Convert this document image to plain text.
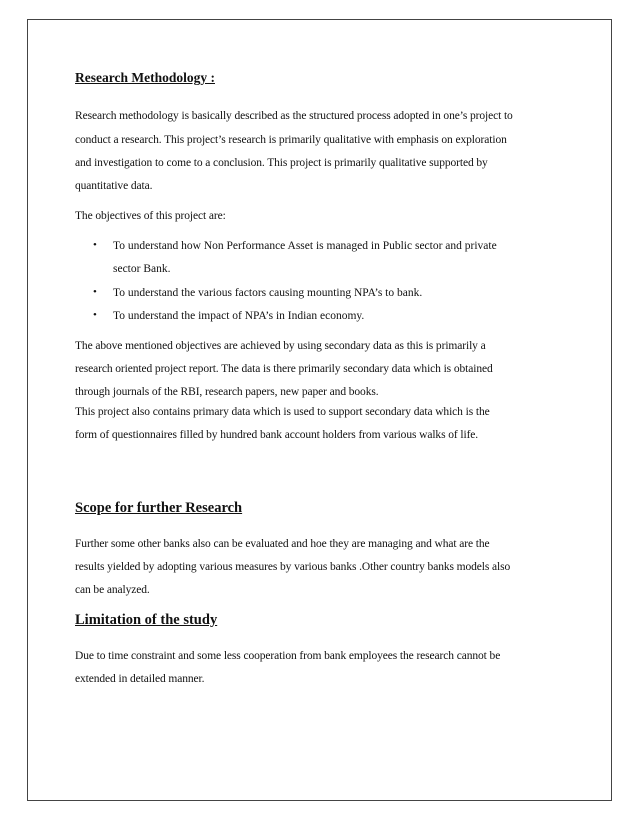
Research Methodology :

Research methodology is basically described as the structured process adopted in one’s project to

conduct a research. This project’s research is primarily qualitative with emphasis on exploration

and investigation to come to a conclusion. This project is primarily qualitative supported by

quantitative data.

The objectives of this project are:

• To understand how Non Performance Asset is managed in Public sector and private
sector Bank.
• To understand the various factors causing mounting NPA’s to bank.
• To understand the impact of NPA’s in Indian economy.

The above mentioned objectives are achieved by using secondary data as this is primarily a

research oriented project report. The data is there primarily secondary data which is obtained

through journals of the RBI, research papers, new paper and books.

This project also contains primary data which is used to support secondary data which is the

form of questionnaires filled by hundred bank account holders from various walks of life.

Scope for further Research

Further some other banks also can be evaluated and hoe they are managing and what are the

results yielded by adopting various measures by various banks .Other country banks models also

can be analyzed.

Limitation of the study

Due to time constraint and some less cooperation from bank employees the research cannot be

extended in detailed manner.
